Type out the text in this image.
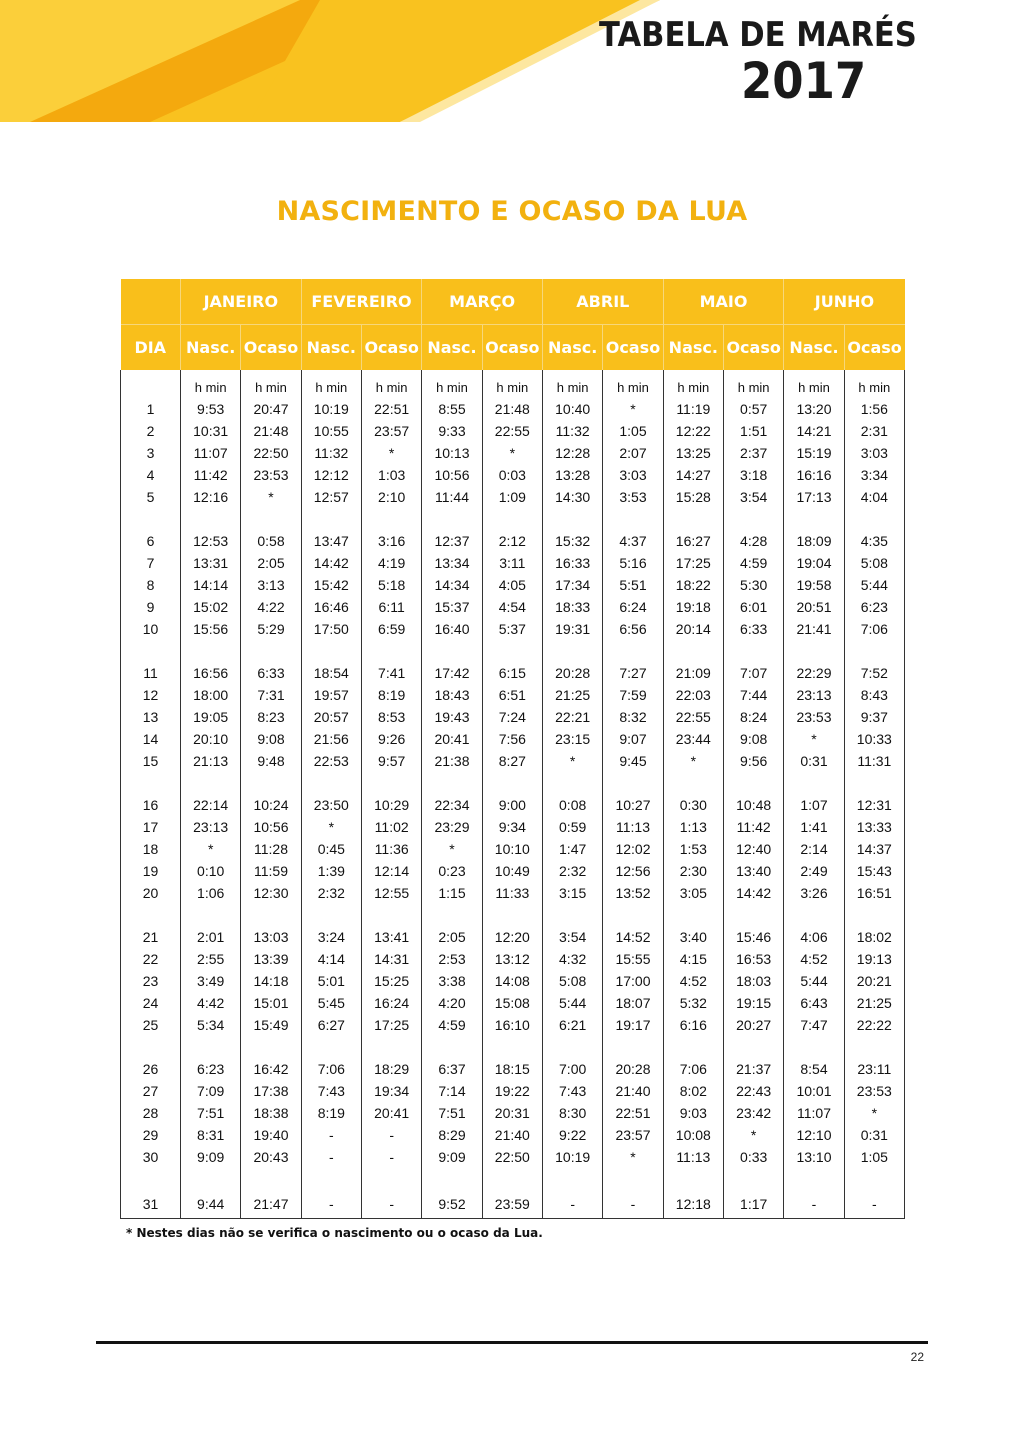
TABELA DE MARÉS
2017
NASCIMENTO E OCASO DA LUA
	JANEIRO		FEVEREIRO		MARÇO		ABRIL		MAIO		JUNHO	
DIA	Nasc.	Ocaso	Nasc.	Ocaso	Nasc.	Ocaso	Nasc.	Ocaso	Nasc.	Ocaso	Nasc.	Ocaso
	h min	h min	h min	h min	h min	h min	h min	h min	h min	h min	h min	h min
1	9:53	20:47	10:19	22:51	8:55	21:48	10:40	*	11:19	0:57	13:20	1:56
2	10:31	21:48	10:55	23:57	9:33	22:55	11:32	1:05	12:22	1:51	14:21	2:31
3	11:07	22:50	11:32	*	10:13	*	12:28	2:07	13:25	2:37	15:19	3:03
4	11:42	23:53	12:12	1:03	10:56	0:03	13:28	3:03	14:27	3:18	16:16	3:34
5	12:16	*	12:57	2:10	11:44	1:09	14:30	3:53	15:28	3:54	17:13	4:04

6	12:53	0:58	13:47	3:16	12:37	2:12	15:32	4:37	16:27	4:28	18:09	4:35
7	13:31	2:05	14:42	4:19	13:34	3:11	16:33	5:16	17:25	4:59	19:04	5:08
8	14:14	3:13	15:42	5:18	14:34	4:05	17:34	5:51	18:22	5:30	19:58	5:44
9	15:02	4:22	16:46	6:11	15:37	4:54	18:33	6:24	19:18	6:01	20:51	6:23
10	15:56	5:29	17:50	6:59	16:40	5:37	19:31	6:56	20:14	6:33	21:41	7:06

11	16:56	6:33	18:54	7:41	17:42	6:15	20:28	7:27	21:09	7:07	22:29	7:52
12	18:00	7:31	19:57	8:19	18:43	6:51	21:25	7:59	22:03	7:44	23:13	8:43
13	19:05	8:23	20:57	8:53	19:43	7:24	22:21	8:32	22:55	8:24	23:53	9:37
14	20:10	9:08	21:56	9:26	20:41	7:56	23:15	9:07	23:44	9:08	*	10:33
15	21:13	9:48	22:53	9:57	21:38	8:27	*	9:45	*	9:56	0:31	11:31

16	22:14	10:24	23:50	10:29	22:34	9:00	0:08	10:27	0:30	10:48	1:07	12:31
17	23:13	10:56	*	11:02	23:29	9:34	0:59	11:13	1:13	11:42	1:41	13:33
18	*	11:28	0:45	11:36	*	10:10	1:47	12:02	1:53	12:40	2:14	14:37
19	0:10	11:59	1:39	12:14	0:23	10:49	2:32	12:56	2:30	13:40	2:49	15:43
20	1:06	12:30	2:32	12:55	1:15	11:33	3:15	13:52	3:05	14:42	3:26	16:51

21	2:01	13:03	3:24	13:41	2:05	12:20	3:54	14:52	3:40	15:46	4:06	18:02
22	2:55	13:39	4:14	14:31	2:53	13:12	4:32	15:55	4:15	16:53	4:52	19:13
23	3:49	14:18	5:01	15:25	3:38	14:08	5:08	17:00	4:52	18:03	5:44	20:21
24	4:42	15:01	5:45	16:24	4:20	15:08	5:44	18:07	5:32	19:15	6:43	21:25
25	5:34	15:49	6:27	17:25	4:59	16:10	6:21	19:17	6:16	20:27	7:47	22:22

26	6:23	16:42	7:06	18:29	6:37	18:15	7:00	20:28	7:06	21:37	8:54	23:11
27	7:09	17:38	7:43	19:34	7:14	19:22	7:43	21:40	8:02	22:43	10:01	23:53
28	7:51	18:38	8:19	20:41	7:51	20:31	8:30	22:51	9:03	23:42	11:07	*
29	8:31	19:40	-	-	8:29	21:40	9:22	23:57	10:08	*	12:10	0:31
30	9:09	20:43	-	-	9:09	22:50	10:19	*	11:13	0:33	13:10	1:05

31	9:44	21:47	-	-	9:52	23:59	-	-	12:18	1:17	-	-
* Nestes dias não se verifica o nascimento ou o ocaso da Lua.
22
